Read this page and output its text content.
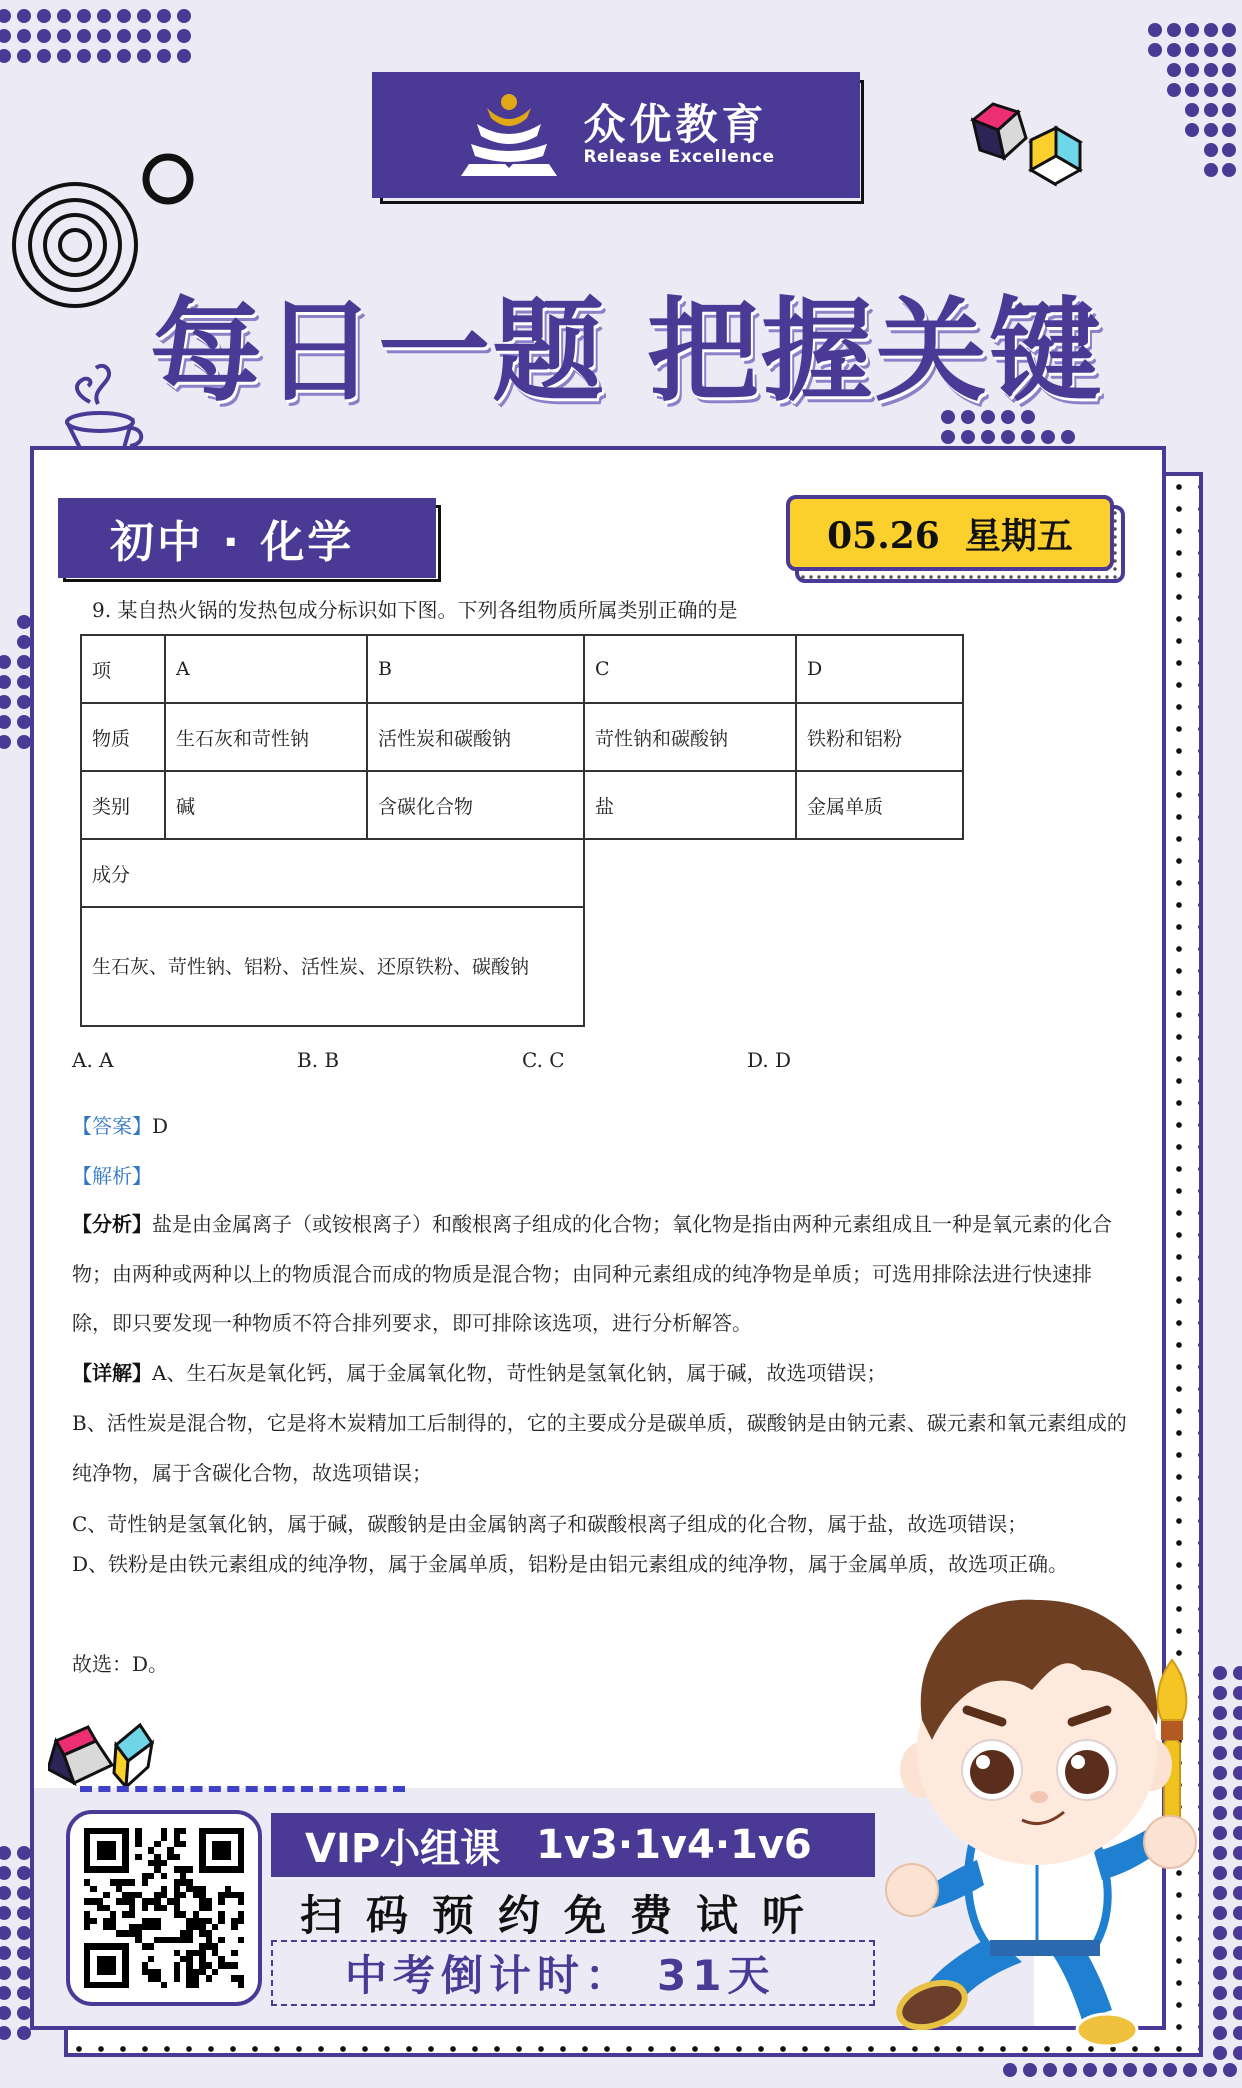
众优教育
Release Excellence
每日一题 把握关键
初中 · 化学	05.26  星期五
9. 某自热火锅的发热包成分标识如下图。下列各组物质所属类别正确的是
项	A	B	C	D
物质	生石灰和苛性钠	活性炭和碳酸钠	苛性钠和碳酸钠	铁粉和铝粉
类别	碱	含碳化合物	盐	金属单质
成分				
生石灰、苛性钠、铝粉、活性炭、还原铁粉、碳酸钠				
A. A	B. B	C. C	D. D
【答案】D
【解析】
【分析】盐是由金属离子（或铵根离子）和酸根离子组成的化合物；氧化物是指由两种元素组成且一种是氧元素的化合物；由两种或两种以上的物质混合而成的物质是混合物；由同种元素组成的纯净物是单质；可选用排除法进行快速排除，即只要发现一种物质不符合排列要求，即可排除该选项，进行分析解答。
【详解】A、生石灰是氧化钙，属于金属氧化物，苛性钠是氢氧化钠，属于碱，故选项错误；
B、活性炭是混合物，它是将木炭精加工后制得的，它的主要成分是碳单质，碳酸钠是由钠元素、碳元素和氧元素组成的纯净物，属于含碳化合物，故选项错误；
C、苛性钠是氢氧化钠，属于碱，碳酸钠是由金属钠离子和碳酸根离子组成的化合物，属于盐，故选项错误；
D、铁粉是由铁元素组成的纯净物，属于金属单质，铝粉是由铝元素组成的纯净物，属于金属单质，故选项正确。
故选：D。
VIP小组课 1v3·1v4·1v6
扫码预约免费试听
中考倒计时： 31天
